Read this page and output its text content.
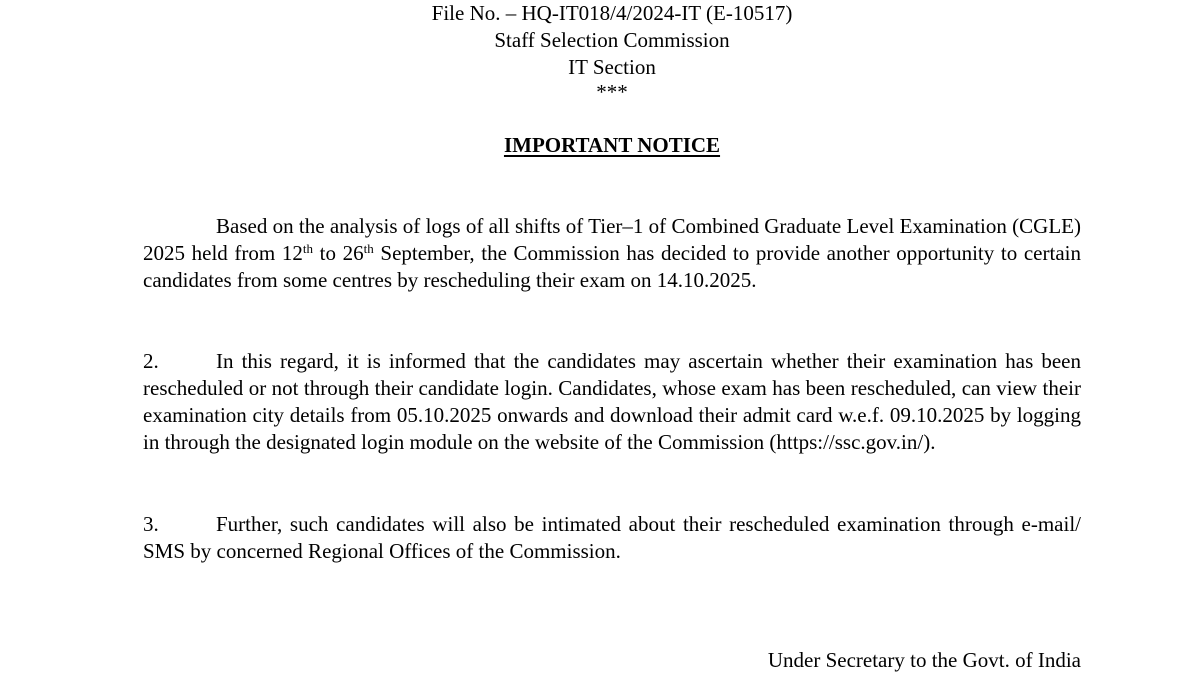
File No. – HQ-IT018/4/2024-IT (E-10517)
Staff Selection Commission
IT Section
***
IMPORTANT NOTICE
Based on the analysis of logs of all shifts of Tier–1 of Combined Graduate Level Examination (CGLE) 2025 held from 12th to 26th September, the Commission has decided to provide another opportunity to certain candidates from some centres by rescheduling their exam on 14.10.2025.
2.	In this regard, it is informed that the candidates may ascertain whether their examination has been rescheduled or not through their candidate login. Candidates, whose exam has been rescheduled, can view their examination city details from 05.10.2025 onwards and download their admit card w.e.f. 09.10.2025 by logging in through the designated login module on the website of the Commission (https://ssc.gov.in/).
3.	Further, such candidates will also be intimated about their rescheduled examination through e-mail/ SMS by concerned Regional Offices of the Commission.
Under Secretary to the Govt. of India
